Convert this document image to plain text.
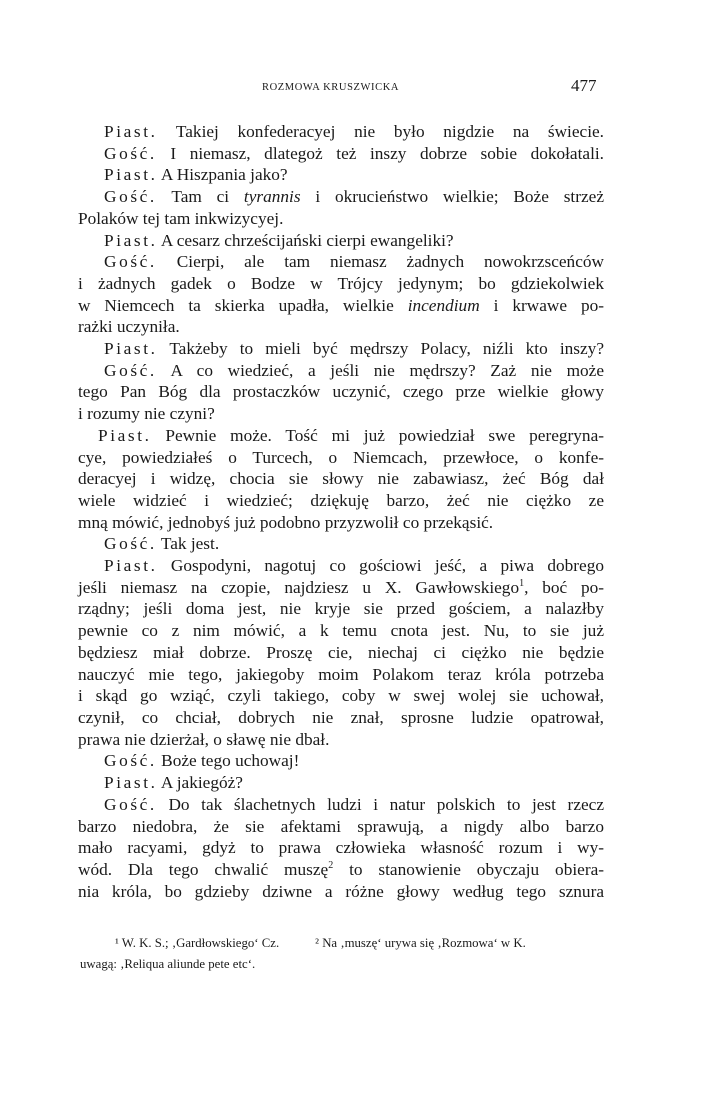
ROZMOWA KRUSZWICKA	477

Piast. Takiej konfederacyej nie było nigdzie na świecie.

Gość. I niemasz, dlategoż też inszy dobrze sobie dokołatali.

Piast. A Hiszpania jako?

Gość. Tam ci tyrannis i okrucieństwo wielkie; Boże strzeż

Polaków tej tam inkwizycyej.

Piast. A cesarz chrześcijański cierpi ewangeliki?

Gość. Cierpi, ale tam niemasz żadnych nowokrzsceńców

i żadnych gadek o Bodze w Trójcy jedynym; bo gdziekolwiek

w Niemcech ta skierka upadła, wielkie incendium i krwawe po-

rażki uczyniła.

Piast. Takżeby to mieli być mędrszy Polacy, niźli kto inszy?

Gość. A co wiedzieć, a jeśli nie mędrszy? Zaż nie może

tego Pan Bóg dla prostaczków uczynić, czego prze wielkie głowy

i rozumy nie czyni?

Piast. Pewnie może. Tość mi już powiedział swe peregryna-

cye, powiedziałeś o Turcech, o Niemcach, przewłoce, o konfe-

deracyej i widzę, chocia sie słowy nie zabawiasz, żeć Bóg dał

wiele widzieć i wiedzieć; dziękuję barzo, żeć nie ciężko ze

mną mówić, jednobyś już podobno przyzwolił co przekąsić.

Gość. Tak jest.

Piast. Gospodyni, nagotuj co gościowi jeść, a piwa dobrego

jeśli niemasz na czopie, najdziesz u X. Gawłowskiego$^1$, boć po-

rządny; jeśli doma jest, nie kryje sie przed gościem, a nalazłby

pewnie co z nim mówić, a k temu cnota jest. Nu, to sie już

będziesz miał dobrze. Proszę cie, niechaj ci ciężko nie będzie

nauczyć mie tego, jakiegoby moim Polakom teraz króla potrzeba

i skąd go wziąć, czyli takiego, coby w swej wolej sie uchował,

czynił, co chciał, dobrych nie znał, sprosne ludzie opatrował,

prawa nie dzierżał, o sławę nie dbał.

Gość. Boże tego uchowaj!

Piast. A jakiegóż?

Gość. Do tak ślachetnych ludzi i natur polskich to jest rzecz

barzo niedobra, że sie afektami sprawują, a nigdy albo barzo

mało racyami, gdyż to prawa człowieka własność rozum i wy-

wód. Dla tego chwalić muszę$^2$ to stanowienie obyczaju obiera-

nia króla, bo gdzieby dziwne a różne głowy według tego sznura

¹ W. K. S.; ‚Gardłowskiego‘ Cz.	² Na ‚muszę‘ urywa się ‚Rozmowa‘ w K.
uwagą: ‚Reliqua aliunde pete etc‘.
